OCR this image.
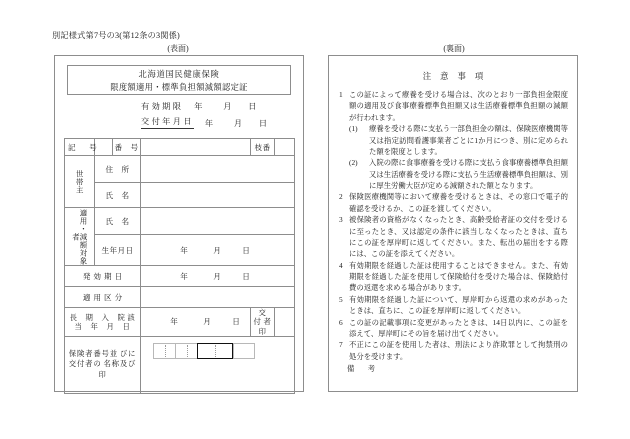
別記様式第7号の3(第12条の3関係)
(表面)	(裏面)
北海道国民健康保険
限度額適用・標準負担額減額認定証
有効期限	年	月	日
交付年月日	年	月	日
記　号		番　号		枝番	

世帯主	住　所				

	氏　名				

適用・減額対象者	氏　名				

	生年月日		年 月 日		

発効期日			年 月 日		

適用区分					

長　期　入　院 該　当　年　月　日			年 月 日	交　付 者　印	
保険者番号並 びに交付者の 名称及び印					
注意事項
1 この証によって療養を受ける場合は、次のとおり一部負担金限度額の適用及び食事療養標準負担額又は生活療養標準負担額の減額が行われます。
(1)	療養を受ける際に支払う一部負担金の額は、保険医療機関等又は指定訪問看護事業者ごとに1か月につき、別に定められた額を限度とします。
(2)	入院の際に食事療養を受ける際に支払う食事療養標準負担額又は生活療養を受ける際に支払う生活療養標準負担額は、別に厚生労働大臣が定める減額された額となります。
2 保険医療機関等において療養を受けるときは、その窓口で電子的確認を受けるか、この証を渡してください。
3 被保険者の資格がなくなったとき、高齢受給者証の交付を受けるに至ったとき、又は認定の条件に該当しなくなったときは、直ちにこの証を厚岸町に返してください。また、転出の届出をする際には、この証を添えてください。
4 有効期限を経過した証は使用することはできません。また、有効期限を経過した証を使用して保険給付を受けた場合は、保険給付費の返還を求める場合があります。
5 有効期限を経過した証について、厚岸町から返還の求めがあったときは、直ちに、この証を厚岸町に返してください。
6 この証の記載事項に変更があったときは、14日以内に、この証を添えて、厚岸町にその旨を届け出てください。
7 不正にこの証を使用した者は、刑法により詐欺罪として拘禁刑の処分を受けます。
備　考
